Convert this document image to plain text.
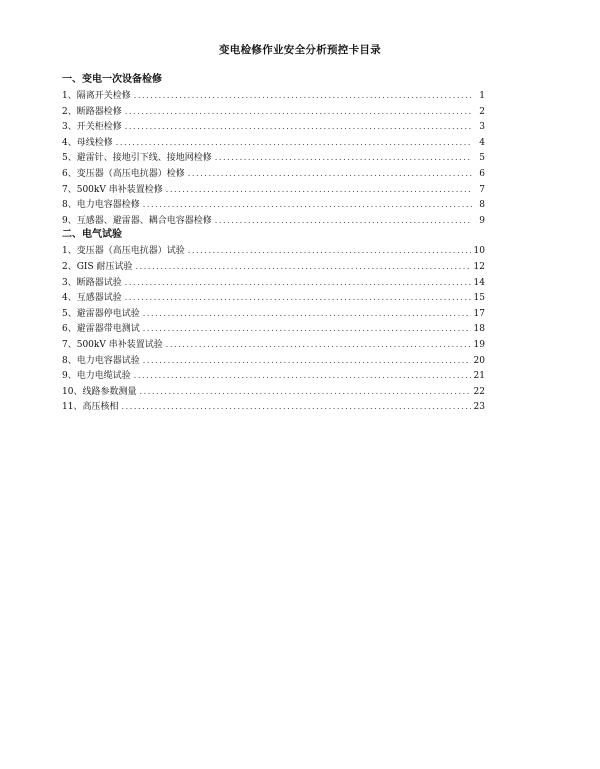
变电检修作业安全分析预控卡目录
一、变电一次设备检修
1、隔离开关检修 .....	1
2、断路器检修 .....	2
3、开关柜检修 .....	3
4、母线检修 .....	4
5、避雷针、接地引下线、接地网检修 .....	5
6、变压器（高压电抗器）检修 .....	6
7、500kV 串补装置检修 .....	7
8、电力电容器检修 .....	8
9、互感器、避雷器、耦合电容器检修 .....	9
二、电气试验
1、变压器（高压电抗器）试验 .....	10
2、GIS 耐压试验 .....	12
3、断路器试验 .....	14
4、互感器试验 .....	15
5、避雷器停电试验 .....	17
6、避雷器带电测试 .....	18
7、500kV 串补装置试验 .....	19
8、电力电容器试验 .....	20
9、电力电缆试验 .....	21
10、线路参数测量 .....	22
11、高压核相 .....	23
